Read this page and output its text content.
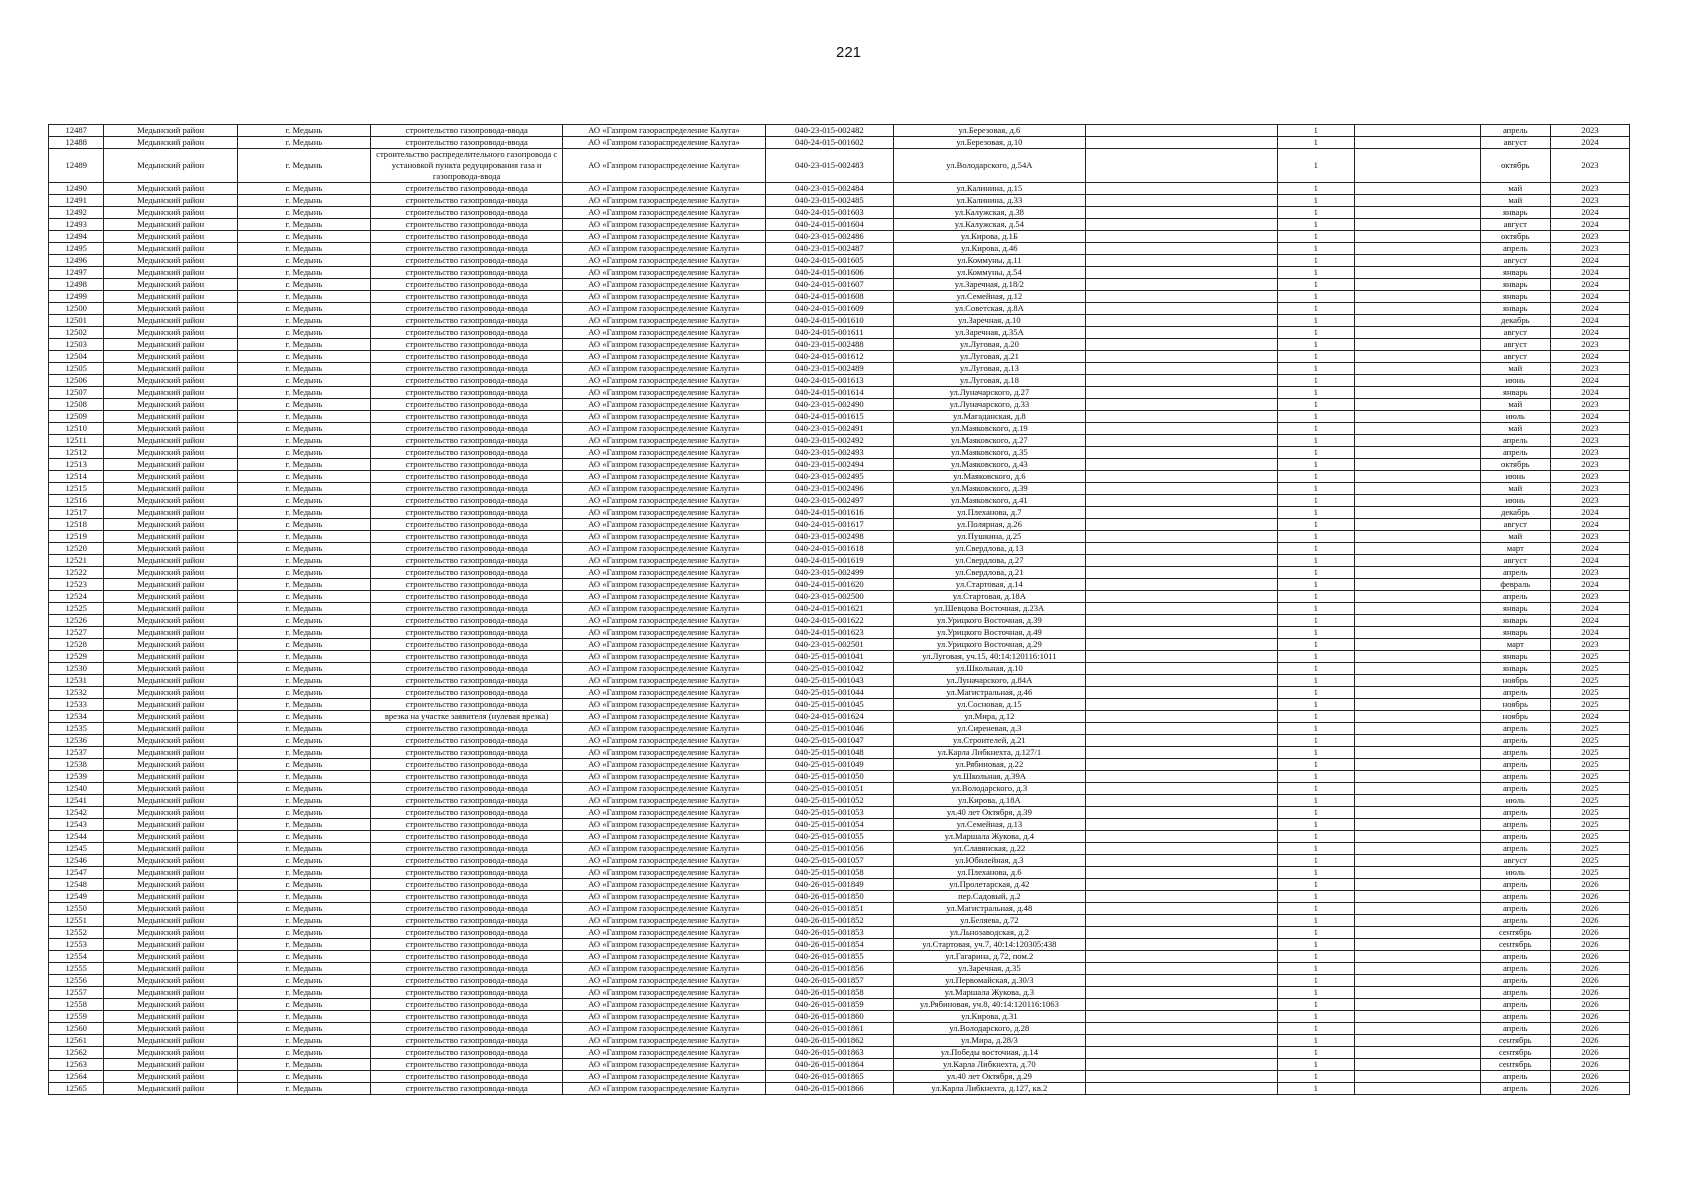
221
12487	Медынский район	г. Медынь	строительство газопровода-ввода	АО «Газпром газораспределение Калуга»	040-23-015-002482	ул.Березовая, д.6		1		апрель	2023
12488	Медынский район	г. Медынь	строительство газопровода-ввода	АО «Газпром газораспределение Калуга»	040-24-015-001602	ул.Березовая, д.10		1		август	2024
12489	Медынский район	г. Медынь	строительство распределительного газопровода с установкой пункта редуцирования газа и газопровода-ввода	АО «Газпром газораспределение Калуга»	040-23-015-002483	ул.Володарского, д.54А		1		октябрь	2023
12490	Медынский район	г. Медынь	строительство газопровода-ввода	АО «Газпром газораспределение Калуга»	040-23-015-002484	ул.Калинина, д.15		1		май	2023
12491	Медынский район	г. Медынь	строительство газопровода-ввода	АО «Газпром газораспределение Калуга»	040-23-015-002485	ул.Калинина, д.33		1		май	2023
12492	Медынский район	г. Медынь	строительство газопровода-ввода	АО «Газпром газораспределение Калуга»	040-24-015-001603	ул.Калужская, д.38		1		январь	2024
12493	Медынский район	г. Медынь	строительство газопровода-ввода	АО «Газпром газораспределение Калуга»	040-24-015-001604	ул.Калужская, д.54		1		август	2024
12494	Медынский район	г. Медынь	строительство газопровода-ввода	АО «Газпром газораспределение Калуга»	040-23-015-002486	ул.Кирова, д.1Б		1		октябрь	2023
12495	Медынский район	г. Медынь	строительство газопровода-ввода	АО «Газпром газораспределение Калуга»	040-23-015-002487	ул.Кирова, д.46		1		апрель	2023
12496	Медынский район	г. Медынь	строительство газопровода-ввода	АО «Газпром газораспределение Калуга»	040-24-015-001605	ул.Коммуны, д.11		1		август	2024
12497	Медынский район	г. Медынь	строительство газопровода-ввода	АО «Газпром газораспределение Калуга»	040-24-015-001606	ул.Коммуны, д.54		1		январь	2024
12498	Медынский район	г. Медынь	строительство газопровода-ввода	АО «Газпром газораспределение Калуга»	040-24-015-001607	ул.Заречная, д.18/2		1		январь	2024
12499	Медынский район	г. Медынь	строительство газопровода-ввода	АО «Газпром газораспределение Калуга»	040-24-015-001608	ул.Семейная, д.12		1		январь	2024
12500	Медынский район	г. Медынь	строительство газопровода-ввода	АО «Газпром газораспределение Калуга»	040-24-015-001609	ул.Советская, д.8А		1		январь	2024
12501	Медынский район	г. Медынь	строительство газопровода-ввода	АО «Газпром газораспределение Калуга»	040-24-015-001610	ул.Заречная, д.10		1		декабрь	2024
12502	Медынский район	г. Медынь	строительство газопровода-ввода	АО «Газпром газораспределение Калуга»	040-24-015-001611	ул.Заречная, д.35А		1		август	2024
12503	Медынский район	г. Медынь	строительство газопровода-ввода	АО «Газпром газораспределение Калуга»	040-23-015-002488	ул.Луговая, д.20		1		август	2023
12504	Медынский район	г. Медынь	строительство газопровода-ввода	АО «Газпром газораспределение Калуга»	040-24-015-001612	ул.Луговая, д.21		1		август	2024
12505	Медынский район	г. Медынь	строительство газопровода-ввода	АО «Газпром газораспределение Калуга»	040-23-015-002489	ул.Луговая, д.13		1		май	2023
12506	Медынский район	г. Медынь	строительство газопровода-ввода	АО «Газпром газораспределение Калуга»	040-24-015-001613	ул.Луговая, д.18		1		июнь	2024
12507	Медынский район	г. Медынь	строительство газопровода-ввода	АО «Газпром газораспределение Калуга»	040-24-015-001614	ул.Луначарского, д.27		1		январь	2024
12508	Медынский район	г. Медынь	строительство газопровода-ввода	АО «Газпром газораспределение Калуга»	040-23-015-002490	ул.Луначарского, д.33		1		май	2023
12509	Медынский район	г. Медынь	строительство газопровода-ввода	АО «Газпром газораспределение Калуга»	040-24-015-001615	ул.Магаданская, д.8		1		июль	2024
12510	Медынский район	г. Медынь	строительство газопровода-ввода	АО «Газпром газораспределение Калуга»	040-23-015-002491	ул.Маяковского, д.19		1		май	2023
12511	Медынский район	г. Медынь	строительство газопровода-ввода	АО «Газпром газораспределение Калуга»	040-23-015-002492	ул.Маяковского, д.27		1		апрель	2023
12512	Медынский район	г. Медынь	строительство газопровода-ввода	АО «Газпром газораспределение Калуга»	040-23-015-002493	ул.Маяковского, д.35		1		апрель	2023
12513	Медынский район	г. Медынь	строительство газопровода-ввода	АО «Газпром газораспределение Калуга»	040-23-015-002494	ул.Маяковского, д.43		1		октябрь	2023
12514	Медынский район	г. Медынь	строительство газопровода-ввода	АО «Газпром газораспределение Калуга»	040-23-015-002495	ул.Маяковского, д.6		1		июнь	2023
12515	Медынский район	г. Медынь	строительство газопровода-ввода	АО «Газпром газораспределение Калуга»	040-23-015-002496	ул.Маяковского, д.39		1		май	2023
12516	Медынский район	г. Медынь	строительство газопровода-ввода	АО «Газпром газораспределение Калуга»	040-23-015-002497	ул.Маяковского, д.41		1		июнь	2023
12517	Медынский район	г. Медынь	строительство газопровода-ввода	АО «Газпром газораспределение Калуга»	040-24-015-001616	ул.Плеханова, д.7		1		декабрь	2024
12518	Медынский район	г. Медынь	строительство газопровода-ввода	АО «Газпром газораспределение Калуга»	040-24-015-001617	ул.Полярная, д.26		1		август	2024
12519	Медынский район	г. Медынь	строительство газопровода-ввода	АО «Газпром газораспределение Калуга»	040-23-015-002498	ул.Пушкина, д.25		1		май	2023
12520	Медынский район	г. Медынь	строительство газопровода-ввода	АО «Газпром газораспределение Калуга»	040-24-015-001618	ул.Свердлова, д.13		1		март	2024
12521	Медынский район	г. Медынь	строительство газопровода-ввода	АО «Газпром газораспределение Калуга»	040-24-015-001619	ул.Свердлова, д.27		1		август	2024
12522	Медынский район	г. Медынь	строительство газопровода-ввода	АО «Газпром газораспределение Калуга»	040-23-015-002499	ул.Свердлова, д.21		1		апрель	2023
12523	Медынский район	г. Медынь	строительство газопровода-ввода	АО «Газпром газораспределение Калуга»	040-24-015-001620	ул.Стартовая, д.14		1		февраль	2024
12524	Медынский район	г. Медынь	строительство газопровода-ввода	АО «Газпром газораспределение Калуга»	040-23-015-002500	ул.Стартовая, д.18А		1		апрель	2023
12525	Медынский район	г. Медынь	строительство газопровода-ввода	АО «Газпром газораспределение Калуга»	040-24-015-001621	ул.Шевцова Восточная, д.23А		1		январь	2024
12526	Медынский район	г. Медынь	строительство газопровода-ввода	АО «Газпром газораспределение Калуга»	040-24-015-001622	ул.Урицкого Восточная, д.39		1		январь	2024
12527	Медынский район	г. Медынь	строительство газопровода-ввода	АО «Газпром газораспределение Калуга»	040-24-015-001623	ул.Урицкого Восточная, д.49		1		январь	2024
12528	Медынский район	г. Медынь	строительство газопровода-ввода	АО «Газпром газораспределение Калуга»	040-23-015-002501	ул.Урицкого Восточная, д.29		1		март	2023
12529	Медынский район	г. Медынь	строительство газопровода-ввода	АО «Газпром газораспределение Калуга»	040-25-015-001041	ул.Луговая, уч.15, 40:14:120116:1011		1		январь	2025
12530	Медынский район	г. Медынь	строительство газопровода-ввода	АО «Газпром газораспределение Калуга»	040-25-015-001042	ул.Школьная, д.10		1		январь	2025
12531	Медынский район	г. Медынь	строительство газопровода-ввода	АО «Газпром газораспределение Калуга»	040-25-015-001043	ул.Луначарского, д.84А		1		ноябрь	2025
12532	Медынский район	г. Медынь	строительство газопровода-ввода	АО «Газпром газораспределение Калуга»	040-25-015-001044	ул.Магистральная, д.46		1		апрель	2025
12533	Медынский район	г. Медынь	строительство газопровода-ввода	АО «Газпром газораспределение Калуга»	040-25-015-001045	ул.Сосновая, д.15		1		ноябрь	2025
12534	Медынский район	г. Медынь	врезка на участке заявителя (нулевая врезка)	АО «Газпром газораспределение Калуга»	040-24-015-001624	ул.Мира, д.12		1		ноябрь	2024
12535	Медынский район	г. Медынь	строительство газопровода-ввода	АО «Газпром газораспределение Калуга»	040-25-015-001046	ул.Сиреневая, д.3		1		апрель	2025
12536	Медынский район	г. Медынь	строительство газопровода-ввода	АО «Газпром газораспределение Калуга»	040-25-015-001047	ул.Строителей, д.21		1		апрель	2025
12537	Медынский район	г. Медынь	строительство газопровода-ввода	АО «Газпром газораспределение Калуга»	040-25-015-001048	ул.Карла Либкнехта, д.127/1		1		апрель	2025
12538	Медынский район	г. Медынь	строительство газопровода-ввода	АО «Газпром газораспределение Калуга»	040-25-015-001049	ул.Рябиновая, д.22		1		апрель	2025
12539	Медынский район	г. Медынь	строительство газопровода-ввода	АО «Газпром газораспределение Калуга»	040-25-015-001050	ул.Школьная, д.39А		1		апрель	2025
12540	Медынский район	г. Медынь	строительство газопровода-ввода	АО «Газпром газораспределение Калуга»	040-25-015-001051	ул.Володарского, д.3		1		апрель	2025
12541	Медынский район	г. Медынь	строительство газопровода-ввода	АО «Газпром газораспределение Калуга»	040-25-015-001052	ул.Кирова, д.18А		1		июль	2025
12542	Медынский район	г. Медынь	строительство газопровода-ввода	АО «Газпром газораспределение Калуга»	040-25-015-001053	ул.40 лет Октября, д.39		1		апрель	2025
12543	Медынский район	г. Медынь	строительство газопровода-ввода	АО «Газпром газораспределение Калуга»	040-25-015-001054	ул.Семейная, д.13		1		апрель	2025
12544	Медынский район	г. Медынь	строительство газопровода-ввода	АО «Газпром газораспределение Калуга»	040-25-015-001055	ул.Маршала Жукова, д.4		1		апрель	2025
12545	Медынский район	г. Медынь	строительство газопровода-ввода	АО «Газпром газораспределение Калуга»	040-25-015-001056	ул.Славянская, д.22		1		апрель	2025
12546	Медынский район	г. Медынь	строительство газопровода-ввода	АО «Газпром газораспределение Калуга»	040-25-015-001057	ул.Юбилейная, д.3		1		август	2025
12547	Медынский район	г. Медынь	строительство газопровода-ввода	АО «Газпром газораспределение Калуга»	040-25-015-001058	ул.Плеханова, д.6		1		июль	2025
12548	Медынский район	г. Медынь	строительство газопровода-ввода	АО «Газпром газораспределение Калуга»	040-26-015-001849	ул.Пролетарская, д.42		1		апрель	2026
12549	Медынский район	г. Медынь	строительство газопровода-ввода	АО «Газпром газораспределение Калуга»	040-26-015-001850	пер.Садовый, д.2		1		апрель	2026
12550	Медынский район	г. Медынь	строительство газопровода-ввода	АО «Газпром газораспределение Калуга»	040-26-015-001851	ул.Магистральная, д.48		1		апрель	2026
12551	Медынский район	г. Медынь	строительство газопровода-ввода	АО «Газпром газораспределение Калуга»	040-26-015-001852	ул.Беляева, д.72		1		апрель	2026
12552	Медынский район	г. Медынь	строительство газопровода-ввода	АО «Газпром газораспределение Калуга»	040-26-015-001853	ул.Льнозаводская, д.2		1		сентябрь	2026
12553	Медынский район	г. Медынь	строительство газопровода-ввода	АО «Газпром газораспределение Калуга»	040-26-015-001854	ул.Стартовая, уч.7, 40:14:120305:438		1		сентябрь	2026
12554	Медынский район	г. Медынь	строительство газопровода-ввода	АО «Газпром газораспределение Калуга»	040-26-015-001855	ул.Гагарина, д.72, пом.2		1		апрель	2026
12555	Медынский район	г. Медынь	строительство газопровода-ввода	АО «Газпром газораспределение Калуга»	040-26-015-001856	ул.Заречная, д.35		1		апрель	2026
12556	Медынский район	г. Медынь	строительство газопровода-ввода	АО «Газпром газораспределение Калуга»	040-26-015-001857	ул.Первомайская, д.30/3		1		апрель	2026
12557	Медынский район	г. Медынь	строительство газопровода-ввода	АО «Газпром газораспределение Калуга»	040-26-015-001858	ул.Маршала Жукова, д.3		1		апрель	2026
12558	Медынский район	г. Медынь	строительство газопровода-ввода	АО «Газпром газораспределение Калуга»	040-26-015-001859	ул.Рябиновая, уч.8, 40:14:120116:1063		1		апрель	2026
12559	Медынский район	г. Медынь	строительство газопровода-ввода	АО «Газпром газораспределение Калуга»	040-26-015-001860	ул.Кирова, д.31		1		апрель	2026
12560	Медынский район	г. Медынь	строительство газопровода-ввода	АО «Газпром газораспределение Калуга»	040-26-015-001861	ул.Володарского, д.28		1		апрель	2026
12561	Медынский район	г. Медынь	строительство газопровода-ввода	АО «Газпром газораспределение Калуга»	040-26-015-001862	ул.Мира, д.28/3		1		сентябрь	2026
12562	Медынский район	г. Медынь	строительство газопровода-ввода	АО «Газпром газораспределение Калуга»	040-26-015-001863	ул.Победы восточная, д.14		1		сентябрь	2026
12563	Медынский район	г. Медынь	строительство газопровода-ввода	АО «Газпром газораспределение Калуга»	040-26-015-001864	ул.Карла Либкнехта, д.70		1		сентябрь	2026
12564	Медынский район	г. Медынь	строительство газопровода-ввода	АО «Газпром газораспределение Калуга»	040-26-015-001865	ул.40 лет Октября, д.29		1		апрель	2026
12565	Медынский район	г. Медынь	строительство газопровода-ввода	АО «Газпром газораспределение Калуга»	040-26-015-001866	ул.Карла Либкнехта, д.127, кв.2		1		апрель	2026
